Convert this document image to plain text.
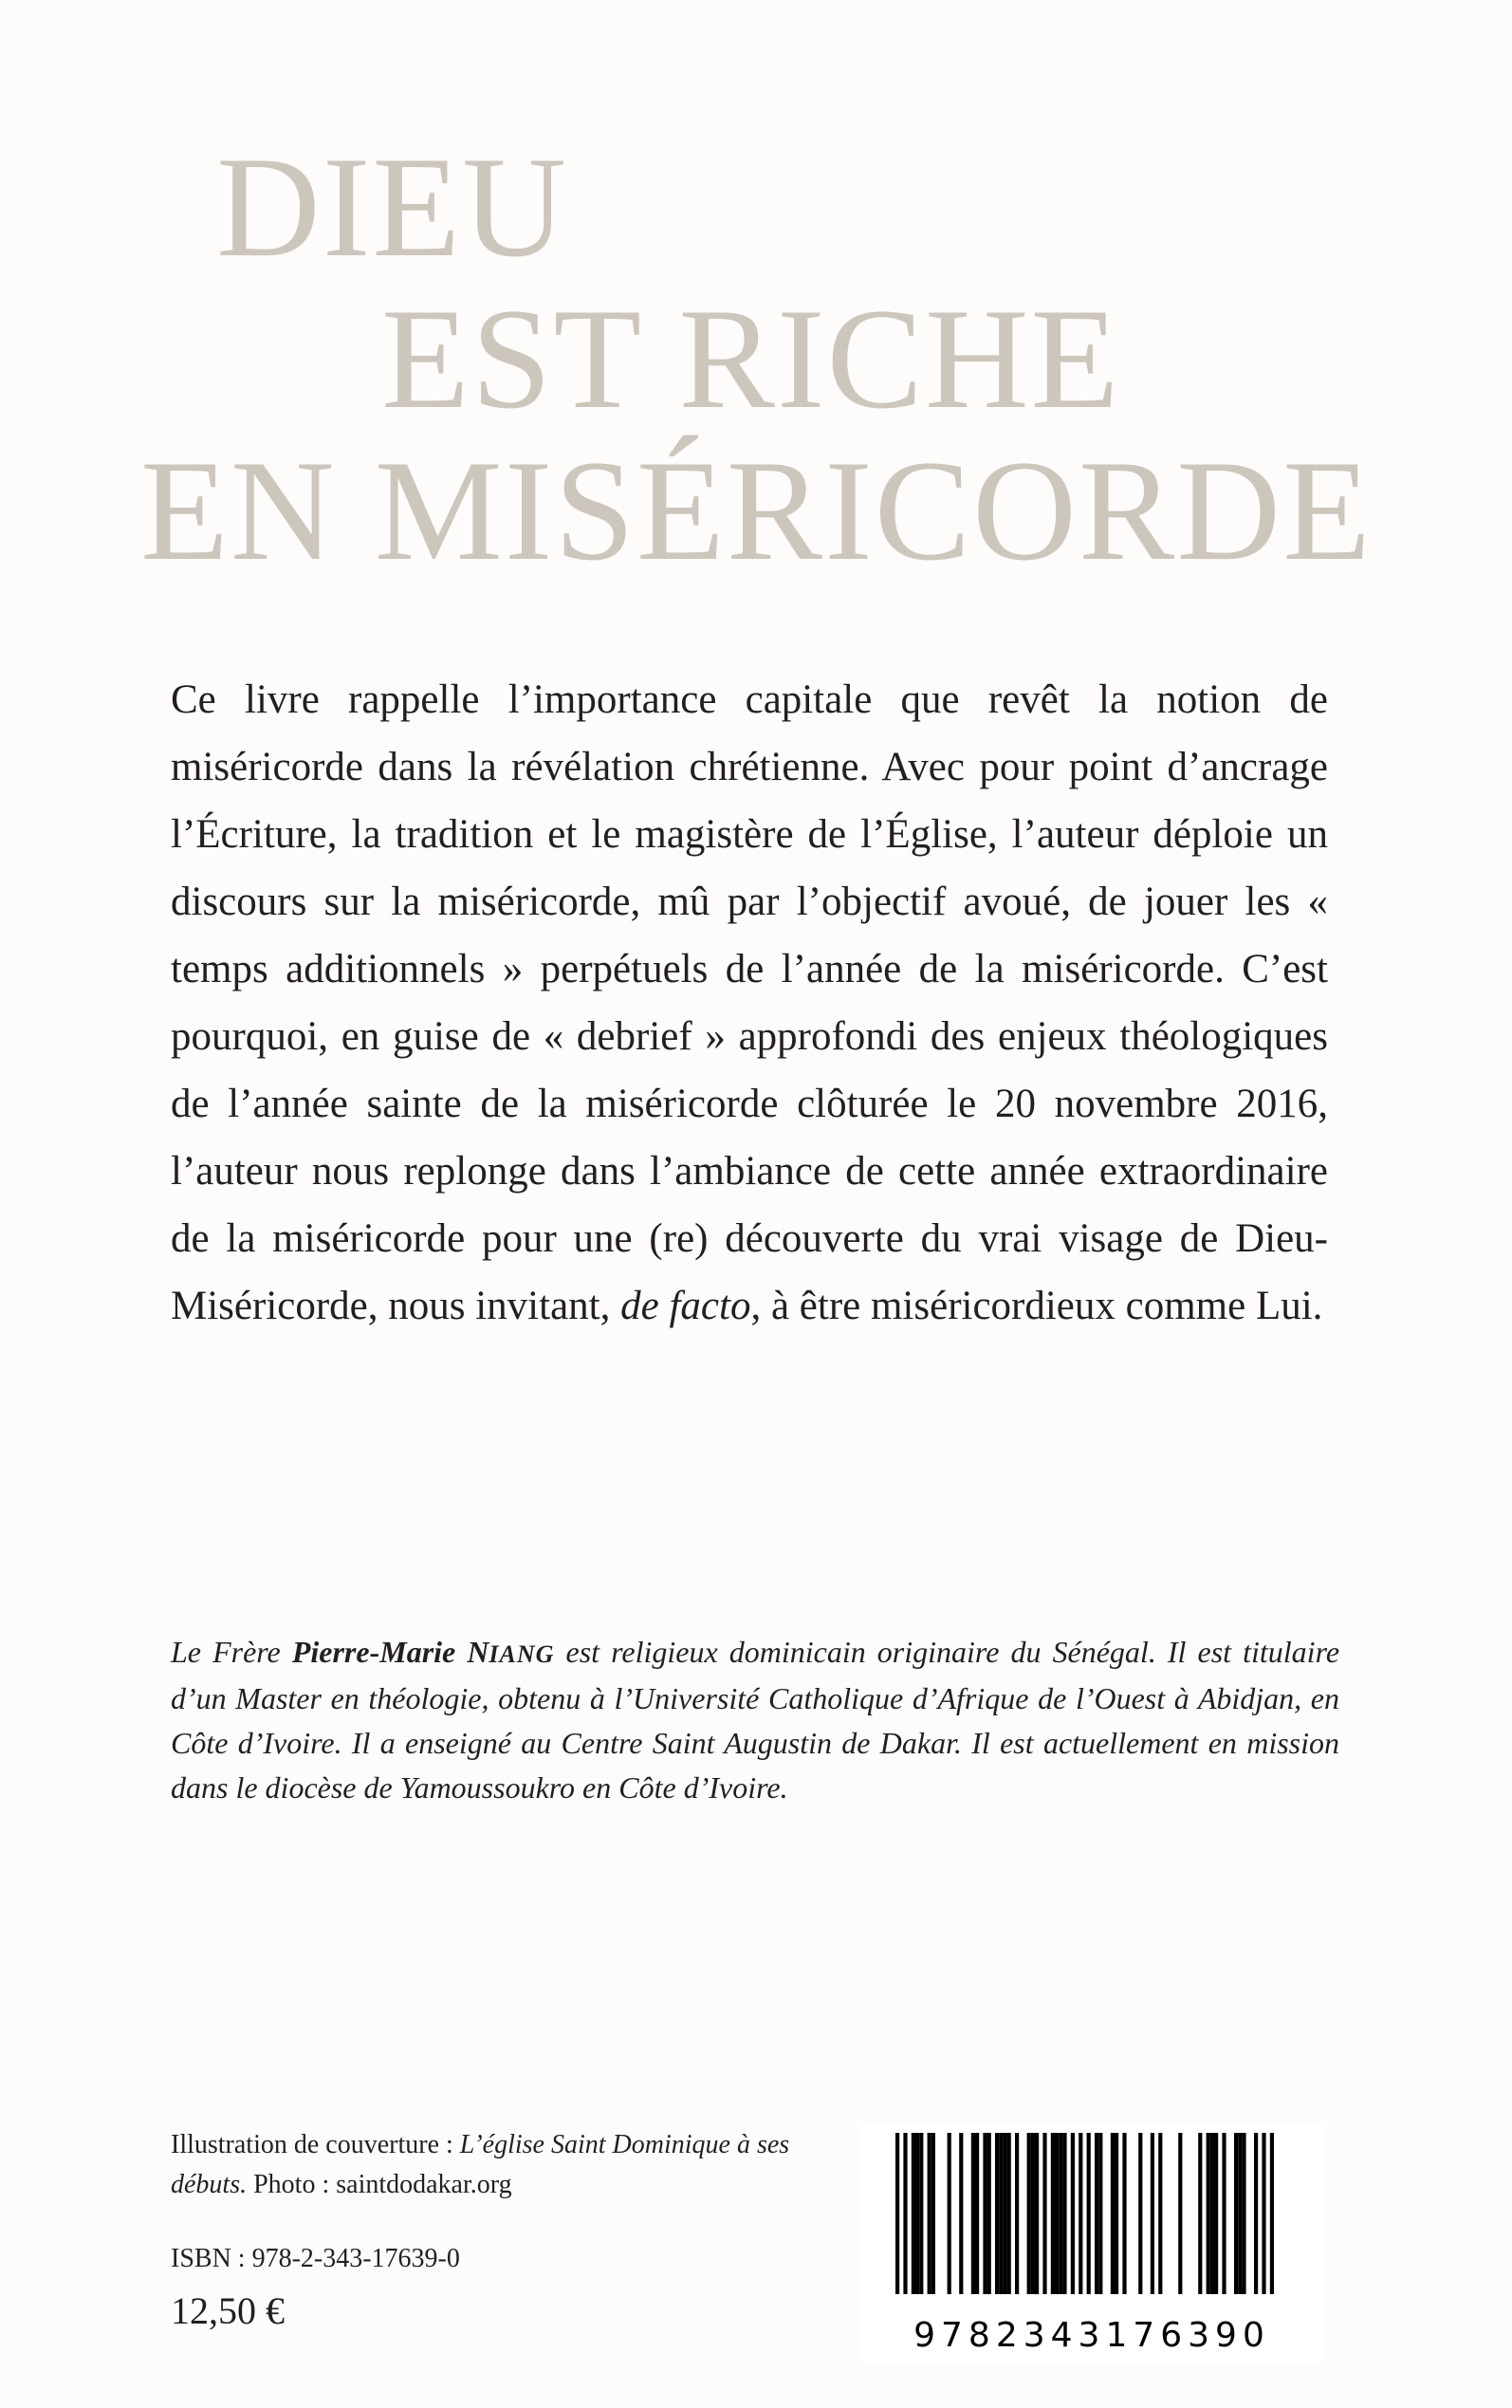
DIEU
EST RICHE
EN MISÉRICORDE

Ce livre rappelle l’importance capitale que revêt la notion de miséricorde dans la révélation chrétienne. Avec pour point d’ancrage l’Écriture, la tradition et le magistère de l’Église, l’auteur déploie un discours sur la miséricorde, mû par l’objectif avoué, de jouer les « temps additionnels » perpétuels de l’année de la miséricorde. C’est pourquoi, en guise de « debrief » approfondi des enjeux théologiques de l’année sainte de la miséricorde clôturée le 20 novembre 2016, l’auteur nous replonge dans l’ambiance de cette année extraordinaire de la miséricorde pour une (re) découverte du vrai visage de Dieu-Miséricorde, nous invitant, de facto, à être miséricordieux comme Lui.

Le Frère Pierre-Marie NIANG est religieux dominicain originaire du Sénégal. Il est titulaire d’un Master en théologie, obtenu à l’Université Catholique d’Afrique de l’Ouest à Abidjan, en Côte d’Ivoire. Il a enseigné au Centre Saint Augustin de Dakar. Il est actuellement en mission dans le diocèse de Yamoussoukro en Côte d’Ivoire.

Illustration de couverture : L’église Saint Dominique à ses débuts. Photo : saintdodakar.org

ISBN : 978-2-343-17639-0

12,50 €

9782343176390
